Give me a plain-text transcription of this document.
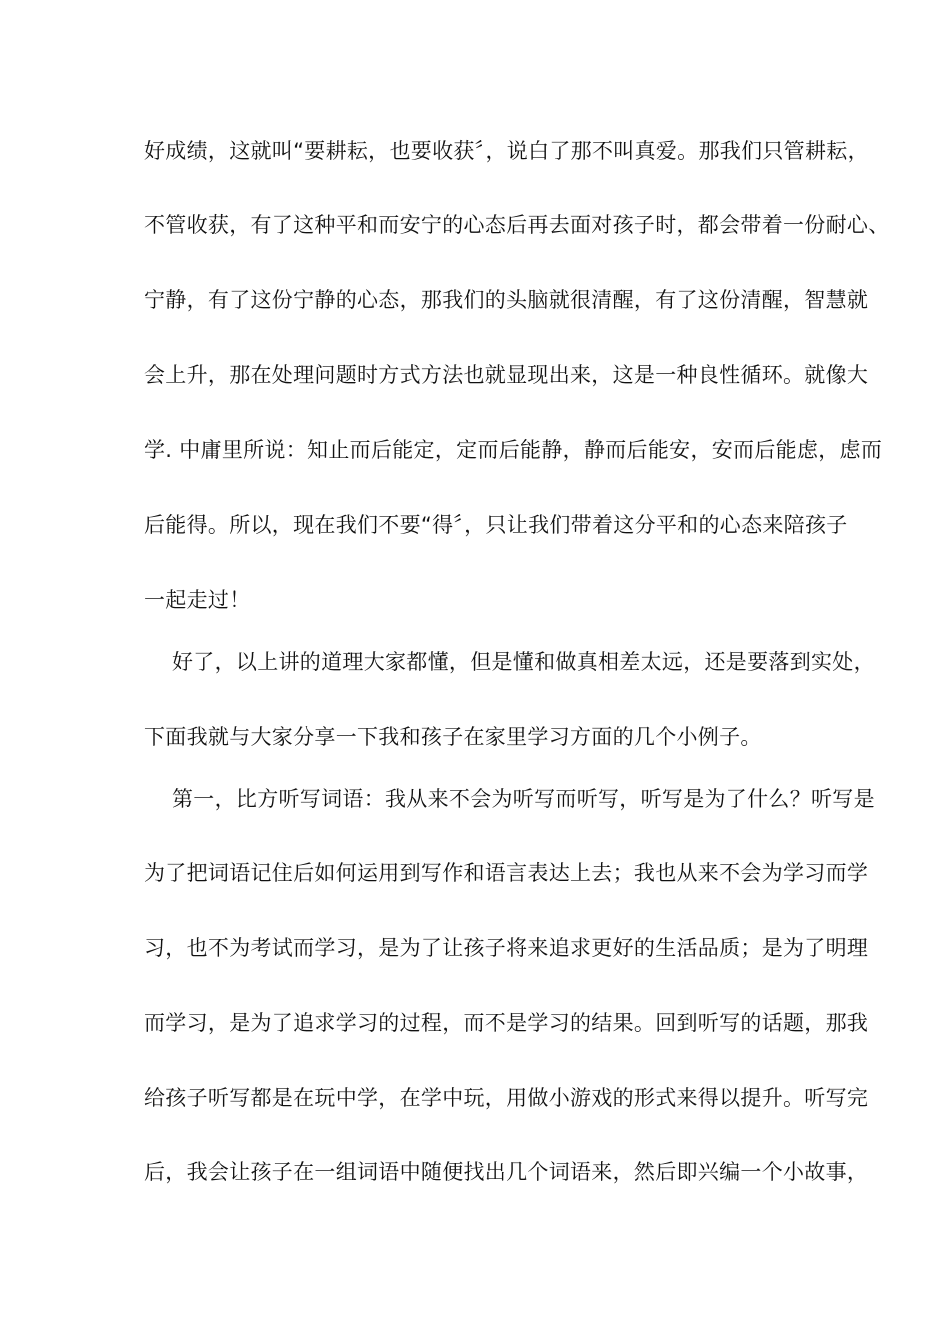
好成绩，这就叫“要耕耘，也要收获〞，说白了那不叫真爱。那我们只管耕耘，
不管收获，有了这种平和而安宁的心态后再去面对孩子时，都会带着一份耐心、
宁静，有了这份宁静的心态，那我们的头脑就很清醒，有了这份清醒，智慧就
会上升，那在处理问题时方式方法也就显现出来，这是一种良性循环。就像大
学. 中庸里所说：知止而后能定，定而后能静，静而后能安，安而后能虑，虑而
后能得。所以，现在我们不要“得〞，只让我们带着这分平和的心态来陪孩子
一起走过！
好了，以上讲的道理大家都懂，但是懂和做真相差太远，还是要落到实处，
下面我就与大家分享一下我和孩子在家里学习方面的几个小例子。
第一，比方听写词语：我从来不会为听写而听写，听写是为了什么？听写是
为了把词语记住后如何运用到写作和语言表达上去；我也从来不会为学习而学
习，也不为考试而学习，是为了让孩子将来追求更好的生活品质；是为了明理
而学习，是为了追求学习的过程，而不是学习的结果。回到听写的话题，那我
给孩子听写都是在玩中学，在学中玩，用做小游戏的形式来得以提升。听写完
后，我会让孩子在一组词语中随便找出几个词语来，然后即兴编一个小故事，
